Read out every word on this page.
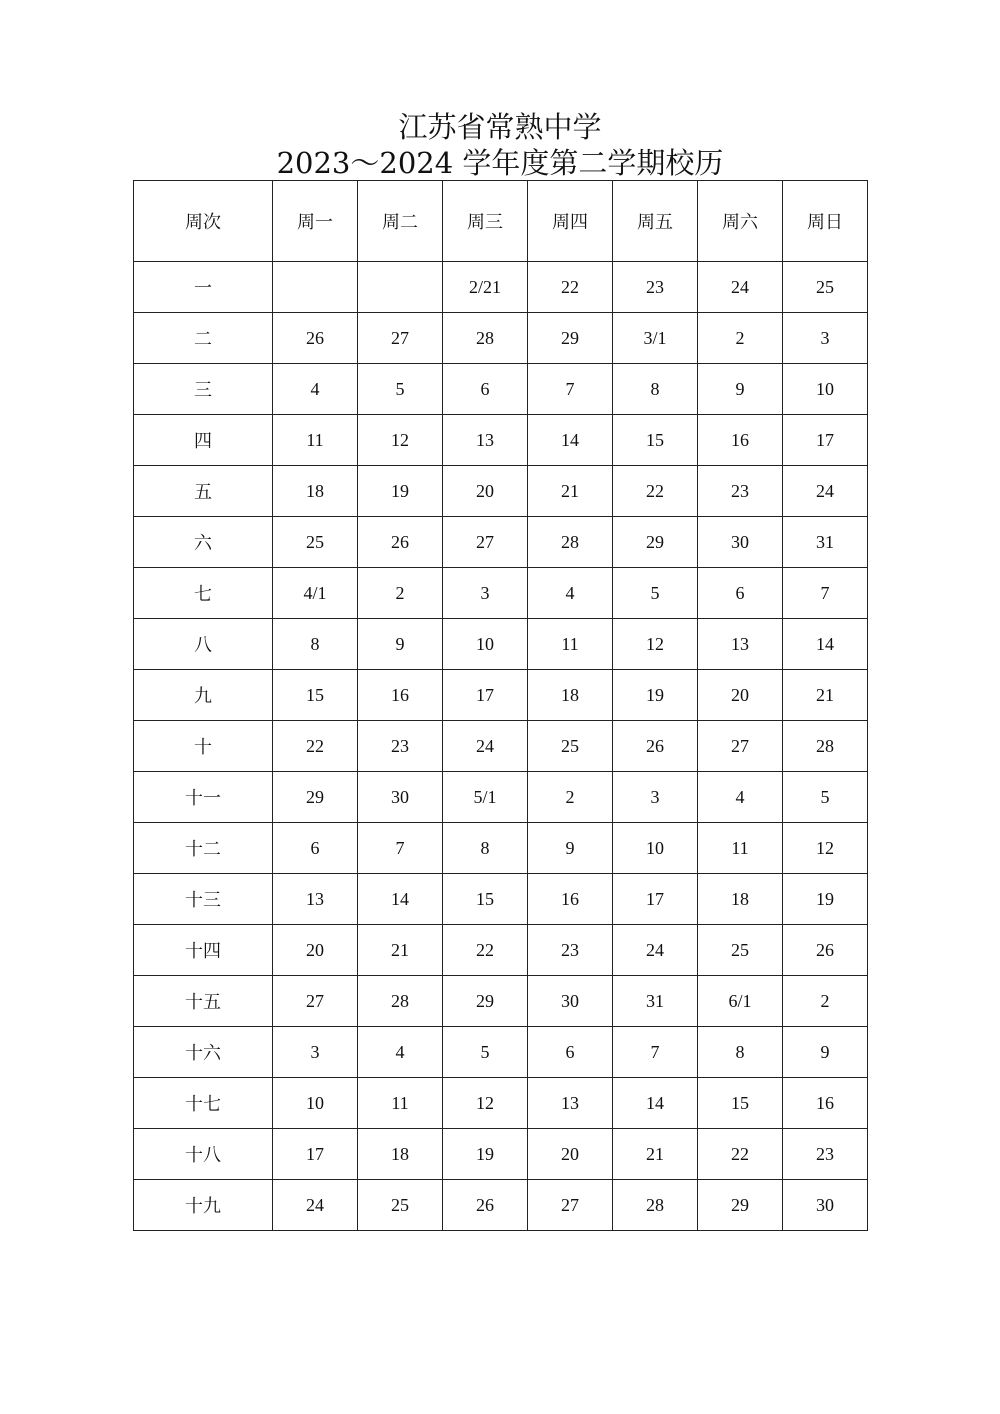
江苏省常熟中学
2023～2024 学年度第二学期校历
周次	周一	周二	周三	周四	周五	周六	周日
一			2/21	22	23	24	25
二	26	27	28	29	3/1	2	3
三	4	5	6	7	8	9	10
四	11	12	13	14	15	16	17
五	18	19	20	21	22	23	24
六	25	26	27	28	29	30	31
七	4/1	2	3	4	5	6	7
八	8	9	10	11	12	13	14
九	15	16	17	18	19	20	21
十	22	23	24	25	26	27	28
十一	29	30	5/1	2	3	4	5
十二	6	7	8	9	10	11	12
十三	13	14	15	16	17	18	19
十四	20	21	22	23	24	25	26
十五	27	28	29	30	31	6/1	2
十六	3	4	5	6	7	8	9
十七	10	11	12	13	14	15	16
十八	17	18	19	20	21	22	23
十九	24	25	26	27	28	29	30
